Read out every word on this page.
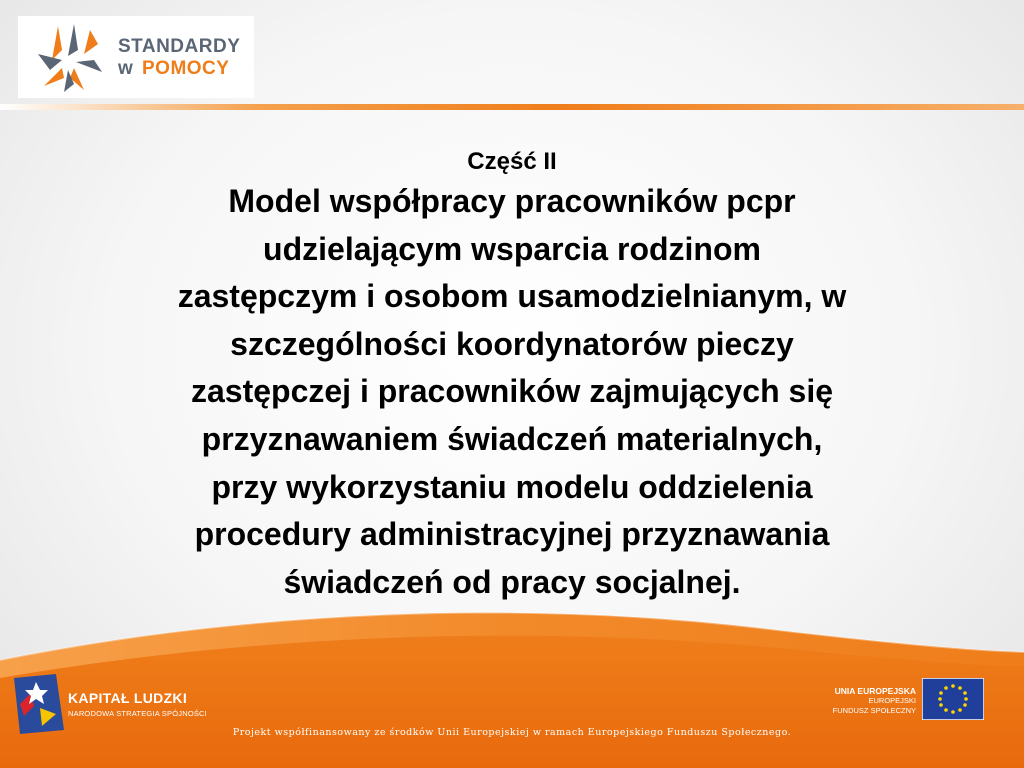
STANDARDY
w POMOCY

Część II

Model współpracy pracowników pcpr
udzielającym wsparcia rodzinom
zastępczym i osobom usamodzielnianym, w
szczególności koordynatorów pieczy
zastępczej i pracowników zajmujących się
przyznawaniem świadczeń materialnych,
przy wykorzystaniu modelu oddzielenia
procedury administracyjnej przyznawania
świadczeń od pracy socjalnej.

KAPITAŁ LUDZKI
NARODOWA STRATEGIA SPÓJNOŚCI
UNIA EUROPEJSKA
EUROPEJSKI
FUNDUSZ SPOŁECZNY
Projekt współfinansowany ze środków Unii Europejskiej w ramach Europejskiego Funduszu Społecznego.
